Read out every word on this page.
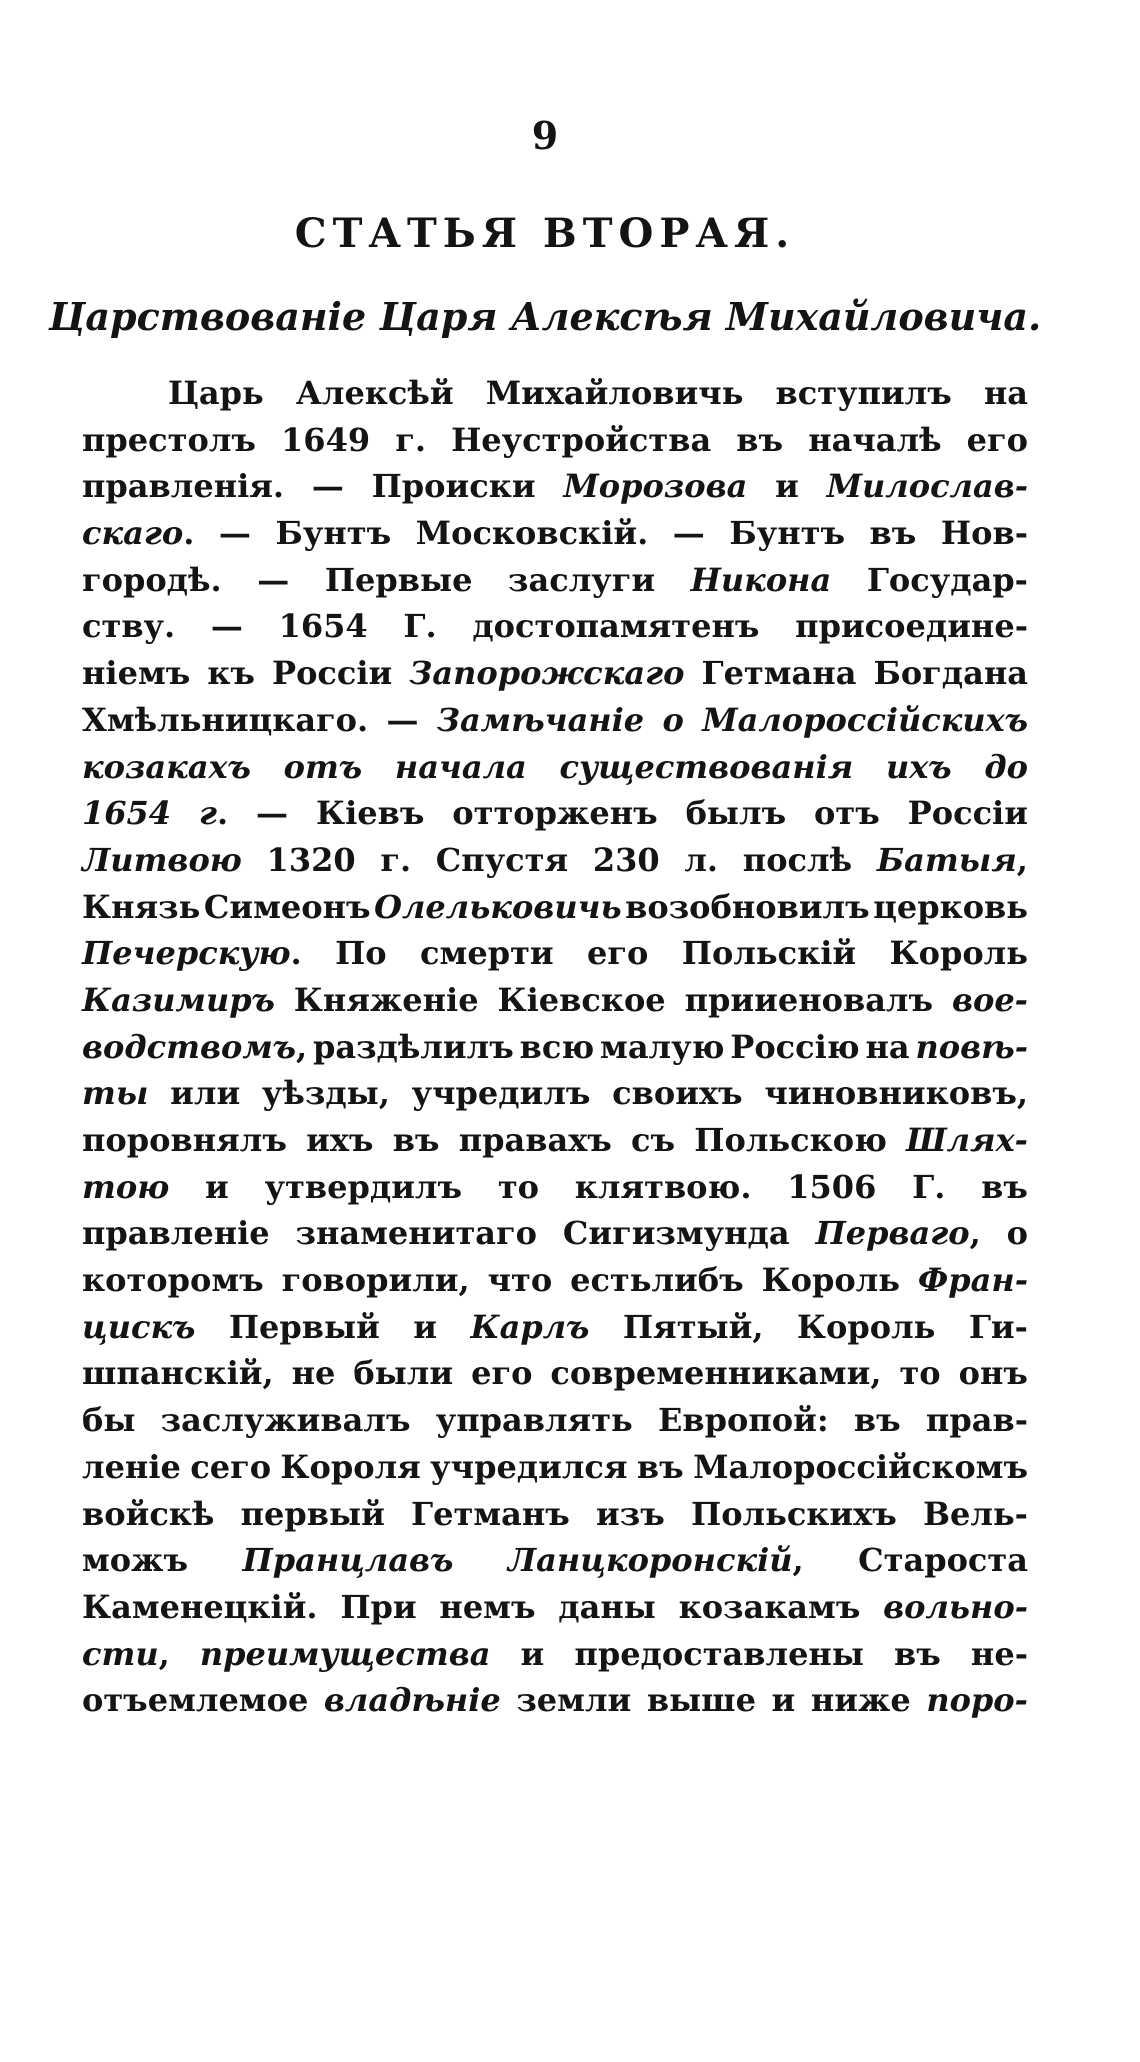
9
СТАТЬЯ ВТОРАЯ.
Царствованіе Царя Алексѣя Михайловича.
Царь Алексѣй Михайловичь вступилъ на
престолъ 1649 г. Неустройства въ началѣ его
правленія. — Происки Морозова и Милослав-
скаго. — Бунтъ Московскій. — Бунтъ въ Нов-
городѣ. — Первые заслуги Никона Государ-
ству. — 1654 Г. достопамятенъ присоедине-
ніемъ къ Россіи Запорожскаго Гетмана Богдана
Хмѣльницкаго. — Замѣчаніе о Малороссійскихъ
козакахъ отъ начала существованія ихъ до
1654 г. — Кіевъ отторженъ былъ отъ Россіи
Литвою 1320 г. Спустя 230 л. послѣ Батыя,
Князь Симеонъ Олельковичь возобновилъ церковь
Печерскую. По смерти его Польскій Король
Казимиръ Княженіе Кіевское прииеновалъ вое-
водствомъ, раздѣлилъ всю малую Россію на повѣ-
ты или уѣзды, учредилъ своихъ чиновниковъ,
поровнялъ ихъ въ правахъ съ Польскою Шлях-
тою и утвердилъ то клятвою. 1506 Г. въ
правленіе знаменитаго Сигизмунда Перваго, о
которомъ говорили, что естьлибъ Король Фран-
цискъ Первый и Карлъ Пятый, Король Ги-
шпанскій, не были его современниками, то онъ
бы заслуживалъ управлять Европой: въ прав-
леніе сего Короля учредился въ Малороссійскомъ
войскѣ первый Гетманъ изъ Польскихъ Вель-
можъ Пранцлавъ Ланцкоронскій, Староста
Каменецкій. При немъ даны козакамъ вольно-
сти, преимущества и предоставлены въ не-
отъемлемое владѣніе земли выше и ниже поро-
